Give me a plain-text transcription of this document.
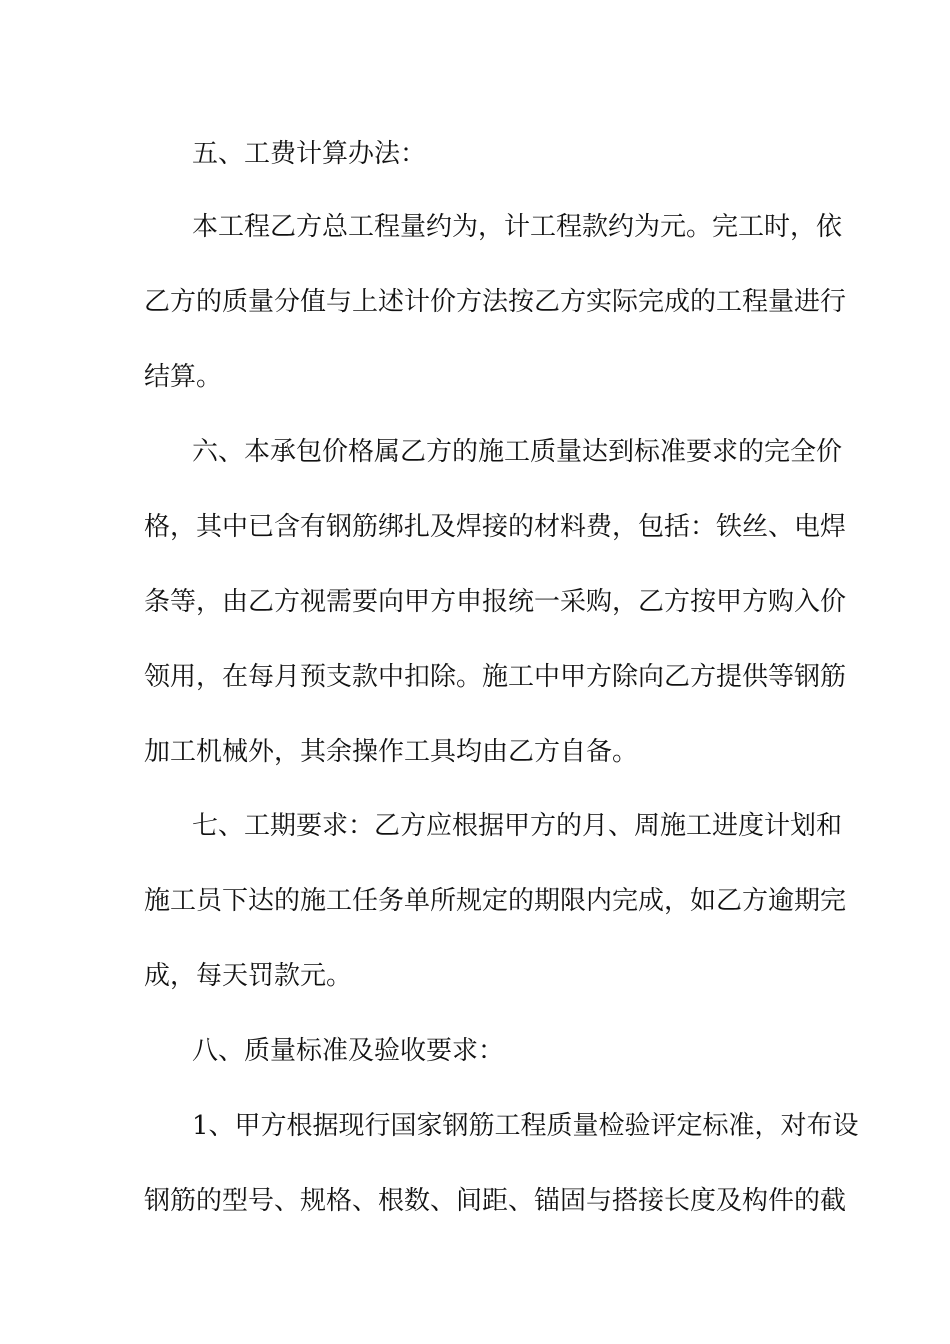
五、工费计算办法：
本工程乙方总工程量约为，计工程款约为元。完工时，依
乙方的质量分值与上述计价方法按乙方实际完成的工程量进行
结算。
六、本承包价格属乙方的施工质量达到标准要求的完全价
格，其中已含有钢筋绑扎及焊接的材料费，包括：铁丝、电焊
条等，由乙方视需要向甲方申报统一采购，乙方按甲方购入价
领用，在每月预支款中扣除。施工中甲方除向乙方提供等钢筋
加工机械外，其余操作工具均由乙方自备。
七、工期要求：乙方应根据甲方的月、周施工进度计划和
施工员下达的施工任务单所规定的期限内完成，如乙方逾期完
成，每天罚款元。
八、质量标准及验收要求：
1、甲方根据现行国家钢筋工程质量检验评定标准，对布设
钢筋的型号、规格、根数、间距、锚固与搭接长度及构件的截
